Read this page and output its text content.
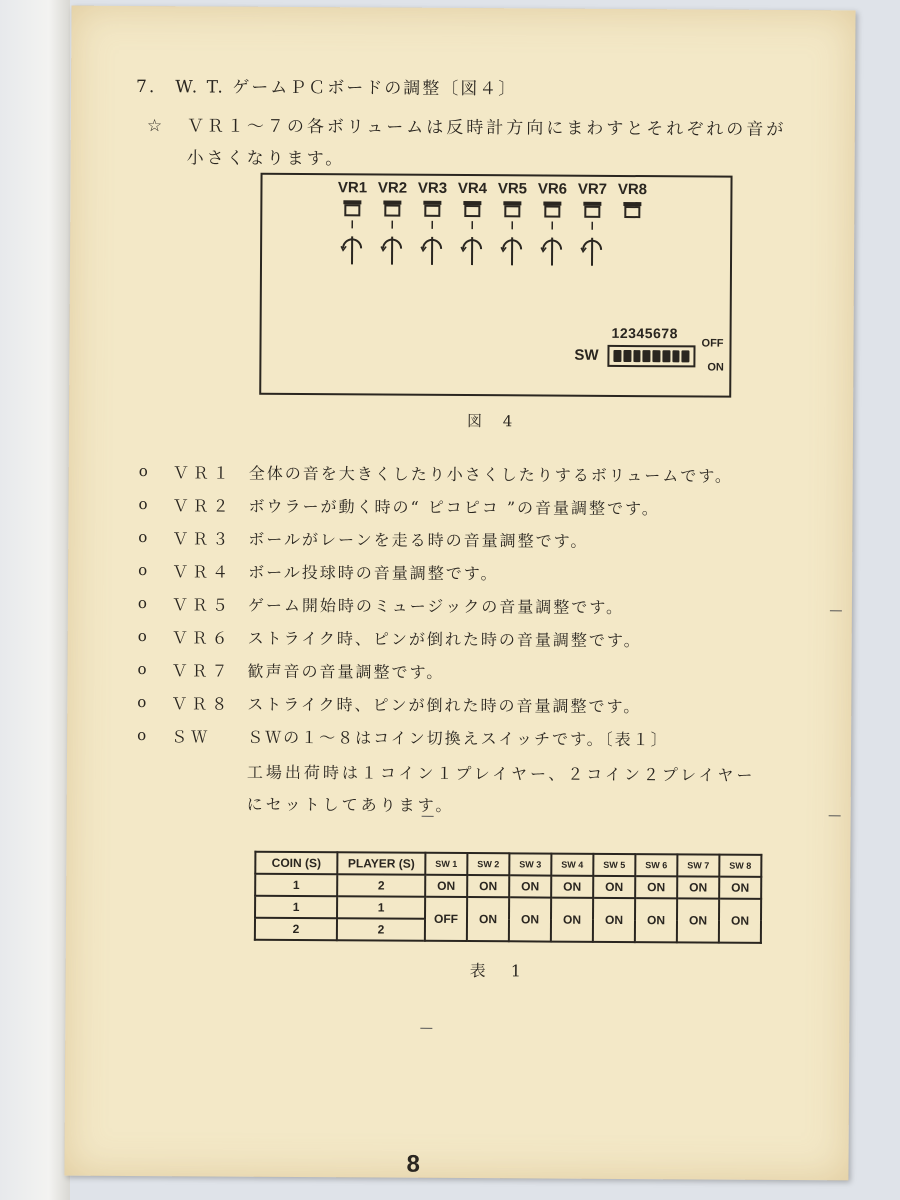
7.　W. T. ゲームＰＣボードの調整〔図４〕
☆ ＶＲ１～７の各ボリュームは反時計方向にまわすとそれぞれの音が小さくなります。
VR1 VR2 VR3 VR4 VR5 VR6 VR7 VR8
12345678
SW
OFF
ON
図 4
o ＶＲ１ 全体の音を大きくしたり小さくしたりするボリュームです。
o ＶＲ２ ボウラーが動く時の“ ピコピコ ”の音量調整です。
o ＶＲ３ ボールがレーンを走る時の音量調整です。
o ＶＲ４ ボール投球時の音量調整です。
o ＶＲ５ ゲーム開始時のミュージックの音量調整です。
o ＶＲ６ ストライク時、ピンが倒れた時の音量調整です。
o ＶＲ７ 歓声音の音量調整です。
o ＶＲ８ ストライク時、ピンが倒れた時の音量調整です。
o ＳＷ ＳＷの１～８はコイン切換えスイッチです。〔表１〕
工場出荷時は１コイン１プレイヤー、２コイン２プレイヤー
にセットしてあります。
COIN (S)	PLAYER (S)	SW 1	SW 2	SW 3	SW 4	SW 5	SW 6	SW 7	SW 8
1	2	ON	ON	ON	ON	ON	ON	ON	ON
1	1	OFF	ON	ON	ON	ON	ON	ON	ON
2	2								
表 1
8
